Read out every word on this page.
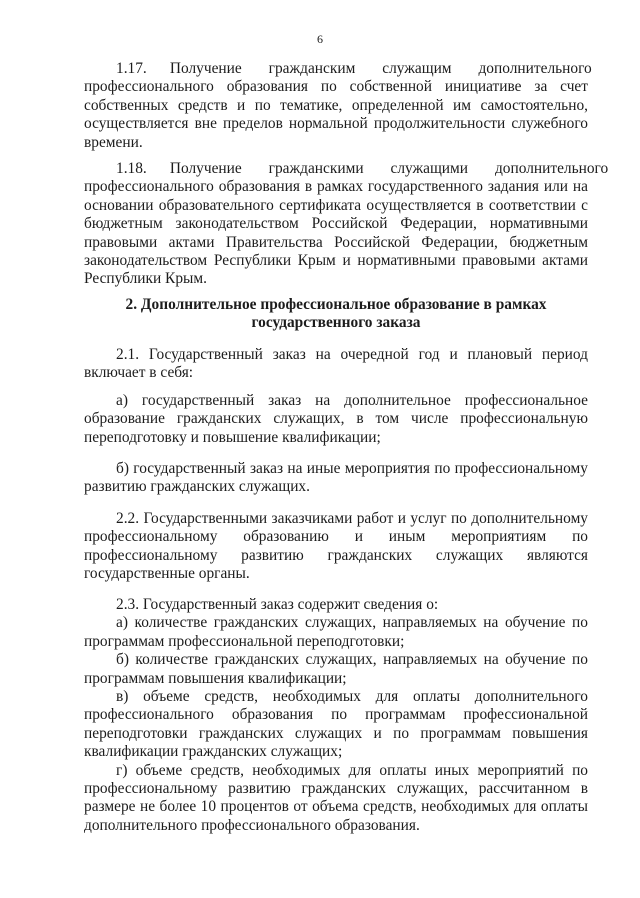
6
1.17.      Получение       гражданским       служащим       дополнительного
профессионального образования по собственной инициативе за счет
собственных средств и по тематике, определенной им самостоятельно,
осуществляется вне пределов нормальной продолжительности служебного
времени.
1.18.      Получение       гражданскими       служащими       дополнительного
профессионального образования в рамках государственного задания или на
основании образовательного сертификата осуществляется в соответствии с
бюджетным законодательством Российской Федерации, нормативными
правовыми актами Правительства Российской Федерации, бюджетным
законодательством Республики Крым и нормативными правовыми актами
Республики Крым.
2. Дополнительное профессиональное образование в рамках
государственного заказа
2.1. Государственный заказ на очередной год и плановый период
включает в себя:
а) государственный заказ на дополнительное профессиональное
образование гражданских служащих, в том числе профессиональную
переподготовку и повышение квалификации;
б) государственный заказ на иные мероприятия по профессиональному
развитию гражданских служащих.
2.2. Государственными заказчиками работ и услуг по дополнительному
профессиональному образованию и иным мероприятиям по
профессиональному развитию гражданских служащих являются
государственные органы.
2.3. Государственный заказ содержит сведения о:
а) количестве гражданских служащих, направляемых на обучение по
программам профессиональной переподготовки;
б) количестве гражданских служащих, направляемых на обучение по
программам повышения квалификации;
в) объеме средств, необходимых для оплаты дополнительного
профессионального образования по программам профессиональной
переподготовки гражданских служащих и по программам повышения
квалификации гражданских служащих;
г) объеме средств, необходимых для оплаты иных мероприятий по
профессиональному развитию гражданских служащих, рассчитанном в
размере не более 10 процентов от объема средств, необходимых для оплаты
дополнительного профессионального образования.
